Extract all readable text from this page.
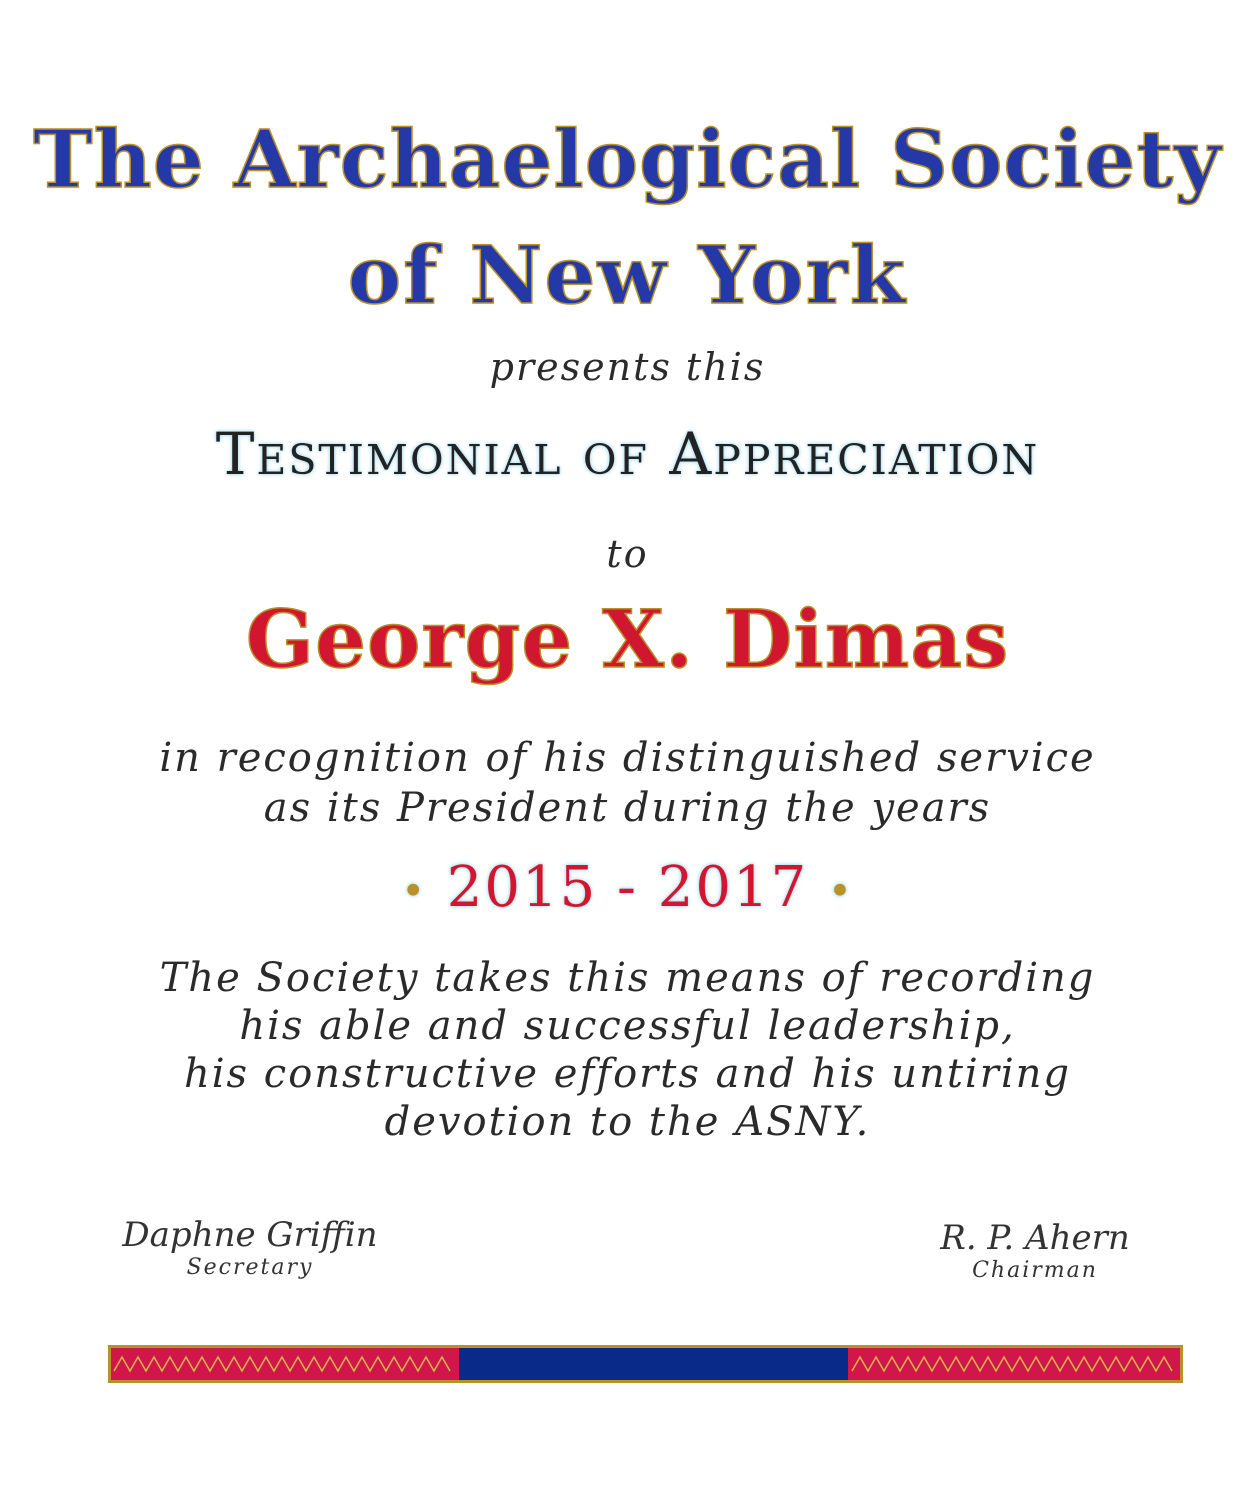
The Archaelogical Society
of New York
presents this
Testimonial of Appreciation
to
George X. Dimas
in recognition of his distinguished service
as its President during the years
• 2015 - 2017 •
The Society takes this means of recording
his able and successful leadership,
his constructive efforts and his untiring
devotion to the ASNY.
Daphne Griffin
Secretary
R. P. Ahern
Chairman
